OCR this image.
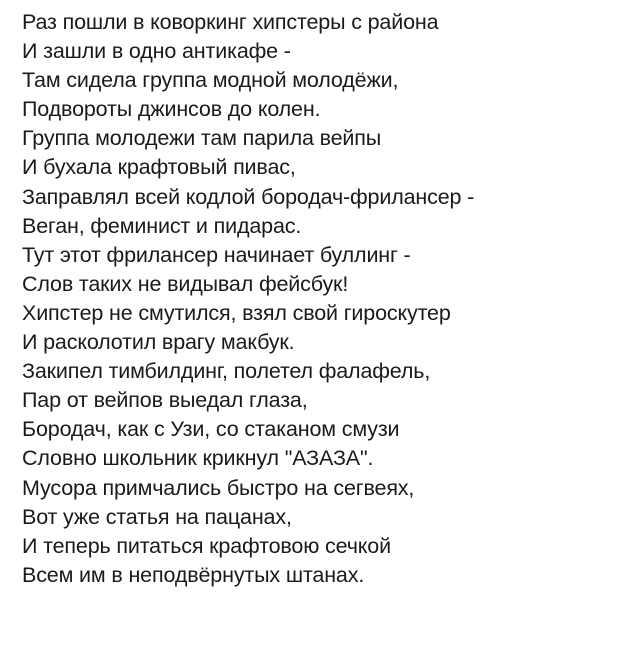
Раз пошли в коворкинг хипстеры с района
И зашли в одно антикафе -
Там сидела группа модной молодёжи,
Подвороты джинсов до колен.
Группа молодежи там парила вейпы
И бухала крафтовый пивас,
Заправлял всей кодлой бородач-фрилансер -
Веган, феминист и пидарас.
Тут этот фрилансер начинает буллинг -
Слов таких не видывал фейсбук!
Хипстер не смутился, взял свой гироскутер
И расколотил врагу макбук.
Закипел тимбилдинг, полетел фалафель,
Пар от вейпов выедал глаза,
Бородач, как с Узи, со стаканом смузи
Словно школьник крикнул "АЗАЗА".
Мусора примчались быстро на сегвеях,
Вот уже статья на пацанах,
И теперь питаться крафтовою сечкой
Всем им в неподвёрнутых штанах.
